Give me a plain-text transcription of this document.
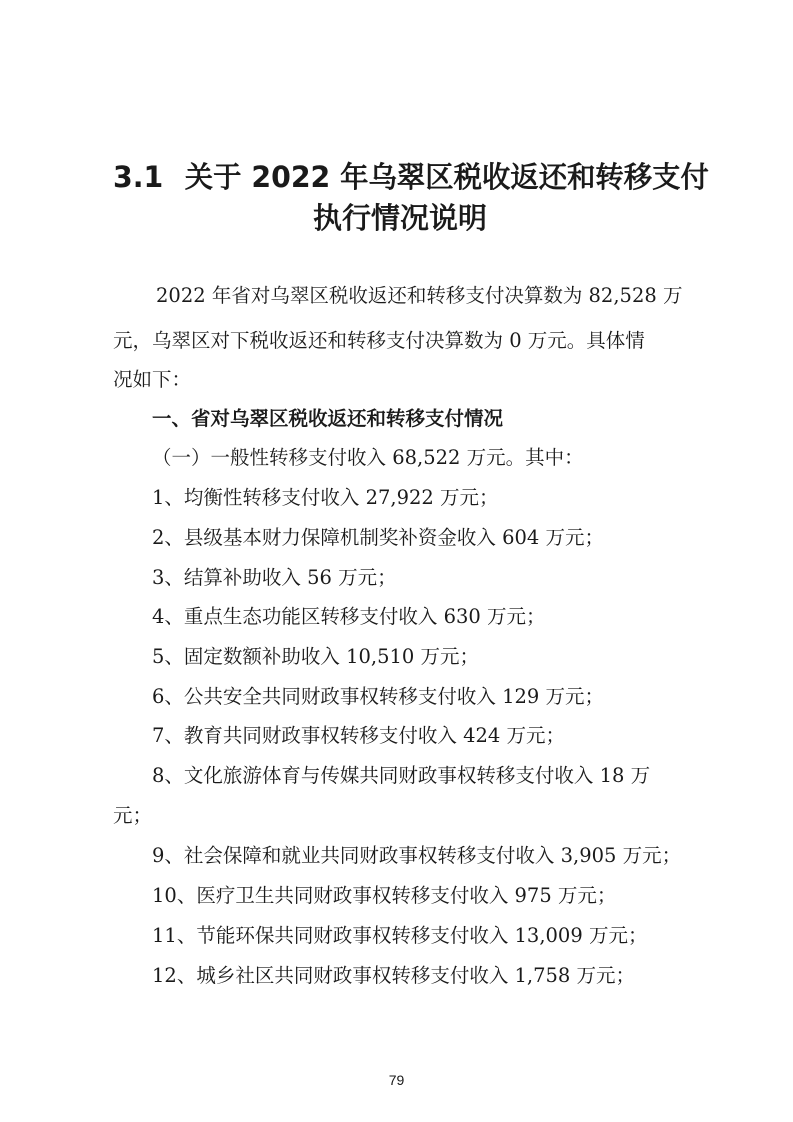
3.1 关于 2022 年乌翠区税收返还和转移支付
执行情况说明

2022 年省对乌翠区税收返还和转移支付决算数为 82,528 万

元，乌翠区对下税收返还和转移支付决算数为 0 万元。具体情

况如下：

一、省对乌翠区税收返还和转移支付情况

（一）一般性转移支付收入 68,522 万元。其中：

1、均衡性转移支付收入 27,922 万元；

2、县级基本财力保障机制奖补资金收入 604 万元；

3、结算补助收入 56 万元；

4、重点生态功能区转移支付收入 630 万元；

5、固定数额补助收入 10,510 万元；

6、公共安全共同财政事权转移支付收入 129 万元；

7、教育共同财政事权转移支付收入 424 万元；

8、文化旅游体育与传媒共同财政事权转移支付收入 18 万

元；

9、社会保障和就业共同财政事权转移支付收入 3,905 万元；

10、医疗卫生共同财政事权转移支付收入 975 万元；

11、节能环保共同财政事权转移支付收入 13,009 万元；

12、城乡社区共同财政事权转移支付收入 1,758 万元；

79
